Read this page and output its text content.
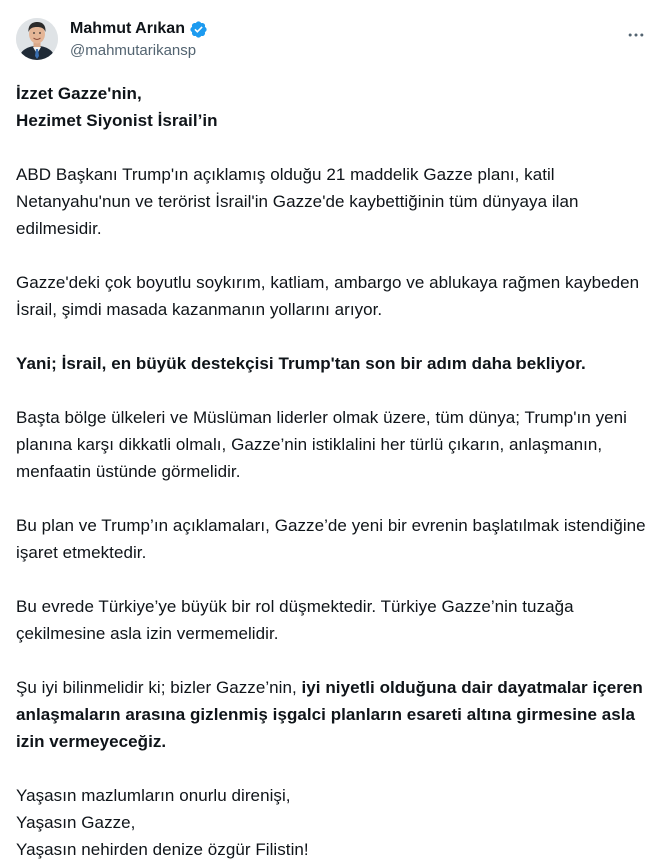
Mahmut Arıkan
@mahmutarikansp

İzzet Gazze'nin,
Hezimet Siyonist İsrail’in

ABD Başkanı Trump'ın açıklamış olduğu 21 maddelik Gazze planı, katil Netanyahu'nun ve terörist İsrail'in Gazze'de kaybettiğinin tüm dünyaya ilan edilmesidir.

Gazze'deki çok boyutlu soykırım, katliam, ambargo ve ablukaya rağmen kaybeden İsrail, şimdi masada kazanmanın yollarını arıyor.

Yani; İsrail, en büyük destekçisi Trump'tan son bir adım daha bekliyor.

Başta bölge ülkeleri ve Müslüman liderler olmak üzere, tüm dünya; Trump'ın yeni planına karşı dikkatli olmalı, Gazze’nin istiklalini her türlü çıkarın, anlaşmanın, menfaatin üstünde görmelidir.

Bu plan ve Trump’ın açıklamaları, Gazze’de yeni bir evrenin başlatılmak istendiğine işaret etmektedir.

Bu evrede Türkiye’ye büyük bir rol düşmektedir. Türkiye Gazze’nin tuzağa çekilmesine asla izin vermemelidir.

Şu iyi bilinmelidir ki; bizler Gazze’nin, iyi niyetli olduğuna dair dayatmalar içeren anlaşmaların arasına gizlenmiş işgalci planların esareti altına girmesine asla izin vermeyeceğiz.

Yaşasın mazlumların onurlu direnişi,
Yaşasın Gazze,
Yaşasın nehirden denize özgür Filistin!
